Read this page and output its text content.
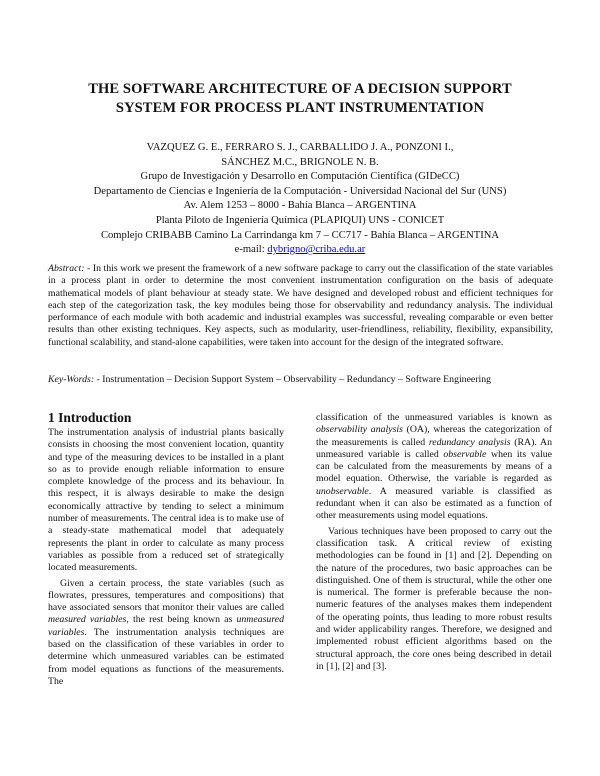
THE SOFTWARE ARCHITECTURE OF A DECISION SUPPORT
SYSTEM FOR PROCESS PLANT INSTRUMENTATION
VAZQUEZ G. E., FERRARO S. J., CARBALLIDO J. A., PONZONI I.,
SÁNCHEZ M.C., BRIGNOLE N. B.
Grupo de Investigación y Desarrollo en Computación Científica (GIDeCC)
Departamento de Ciencias e Ingeniería de la Computación - Universidad Nacional del Sur (UNS)
Av. Alem 1253 – 8000 - Bahía Blanca – ARGENTINA
Planta Piloto de Ingeniería Química (PLAPIQUI) UNS - CONICET
Complejo CRIBABB Camino La Carrindanga km 7 – CC717 - Bahía Blanca – ARGENTINA
e-mail: dybrigno@criba.edu.ar

Abstract: - In this work we present the framework of a new software package to carry out the classification of the state variables in a process plant in order to determine the most convenient instrumentation configuration on the basis of adequate mathematical models of plant behaviour at steady state. We have designed and developed robust and efficient techniques for each step of the categorization task, the key modules being those for observability and redundancy analysis. The individual performance of each module with both academic and industrial examples was successful, revealing comparable or even better results than other existing techniques. Key aspects, such as modularity, user-friendliness, reliability, flexibility, expansibility, functional scalability, and stand-alone capabilities, were taken into account for the design of the integrated software.

Key-Words: - Instrumentation – Decision Support System – Observability – Redundancy – Software Engineering

1 Introduction

The instrumentation analysis of industrial plants basically consists in choosing the most convenient location, quantity and type of the measuring devices to be installed in a plant so as to provide enough reliable information to ensure complete knowledge of the process and its behaviour. In this respect, it is always desirable to make the design economically attractive by tending to select a minimum number of measurements. The central idea is to make use of a steady-state mathematical model that adequately represents the plant in order to calculate as many process variables as possible from a reduced set of strategically located measurements.

Given a certain process, the state variables (such as flowrates, pressures, temperatures and compositions) that have associated sensors that monitor their values are called measured variables, the rest being known as unmeasured variables. The instrumentation analysis techniques are based on the classification of these variables in order to determine which unmeasured variables can be estimated from model equations as functions of the measurements. The

classification of the unmeasured variables is known as observability analysis (OA), whereas the categorization of the measurements is called redundancy analysis (RA). An unmeasured variable is called observable when its value can be calculated from the measurements by means of a model equation. Otherwise, the variable is regarded as unobservable. A measured variable is classified as redundant when it can also be estimated as a function of other measurements using model equations.

Various techniques have been proposed to carry out the classification task. A critical review of existing methodologies can be found in [1] and [2]. Depending on the nature of the procedures, two basic approaches can be distinguished. One of them is structural, while the other one is numerical. The former is preferable because the non-numeric features of the analyses makes them independent of the operating points, thus leading to more robust results and wider applicability ranges. Therefore, we designed and implemented robust efficient algorithms based on the structural approach, the core ones being described in detail in [1], [2] and [3].
